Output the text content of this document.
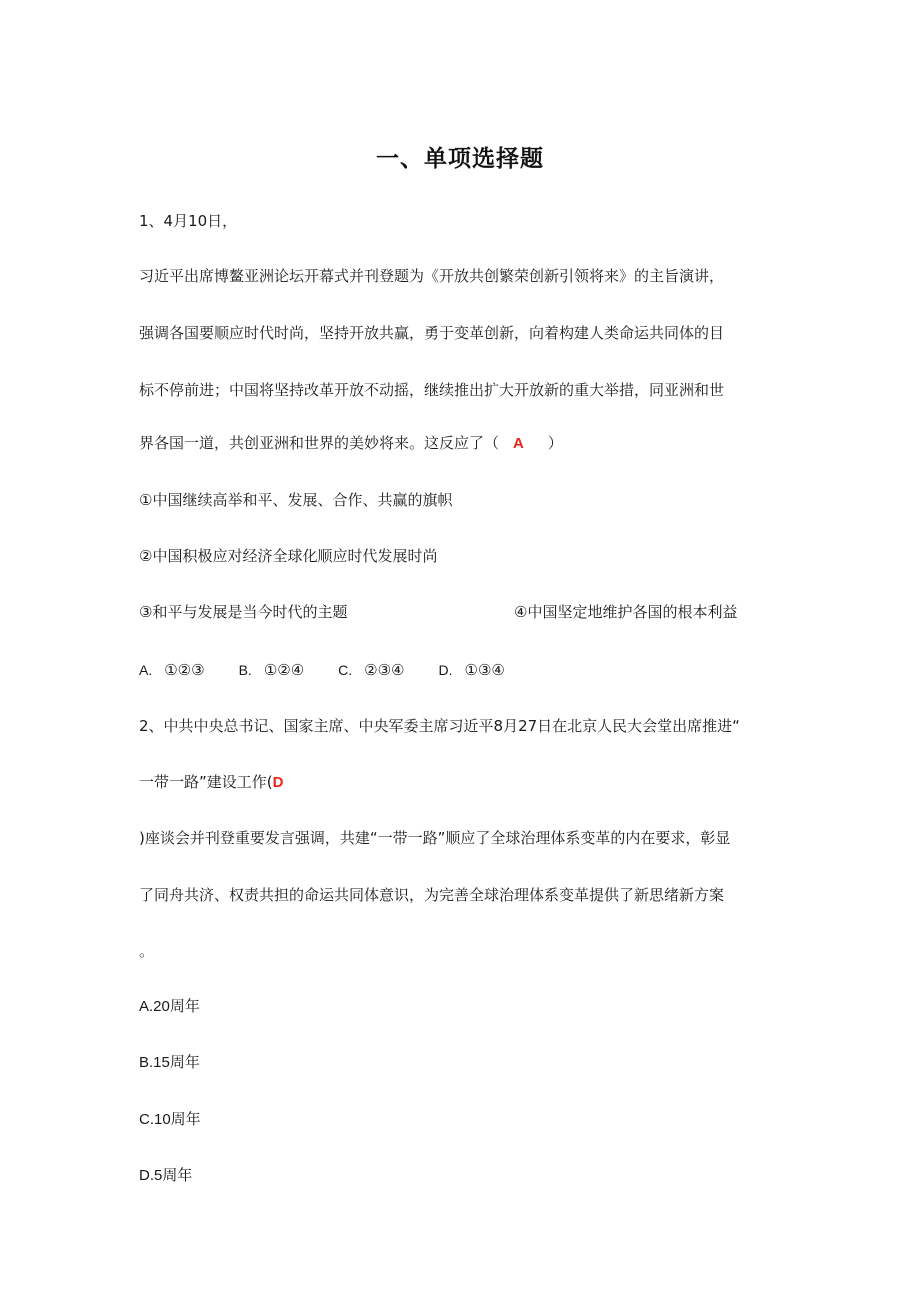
一、单项选择题
1、4月10日，
习近平出席博鳌亚洲论坛开幕式并刊登题为《开放共创繁荣创新引领将来》的主旨演讲，
强调各国要顺应时代时尚，坚持开放共赢，勇于变革创新，向着构建人类命运共同体的目
标不停前进；中国将坚持改革开放不动摇，继续推出扩大开放新的重大举措，同亚洲和世
界各国一道，共创亚洲和世界的美妙将来。这反应了（ A ）
①中国继续高举和平、发展、合作、共赢的旗帜
②中国积极应对经济全球化顺应时代发展时尚
③和平与发展是当今时代的主题	④中国坚定地维护各国的根本利益
A. ①②③ B. ①②④ C. ②③④ D. ①③④
2、中共中央总书记、国家主席、中央军委主席习近平8月27日在北京人民大会堂出席推进“
一带一路”建设工作(D
)座谈会并刊登重要发言强调，共建“一带一路”顺应了全球治理体系变革的内在要求，彰显
了同舟共济、权责共担的命运共同体意识，为完善全球治理体系变革提供了新思绪新方案
。
A.20周年
B.15周年
C.10周年
D.5周年
